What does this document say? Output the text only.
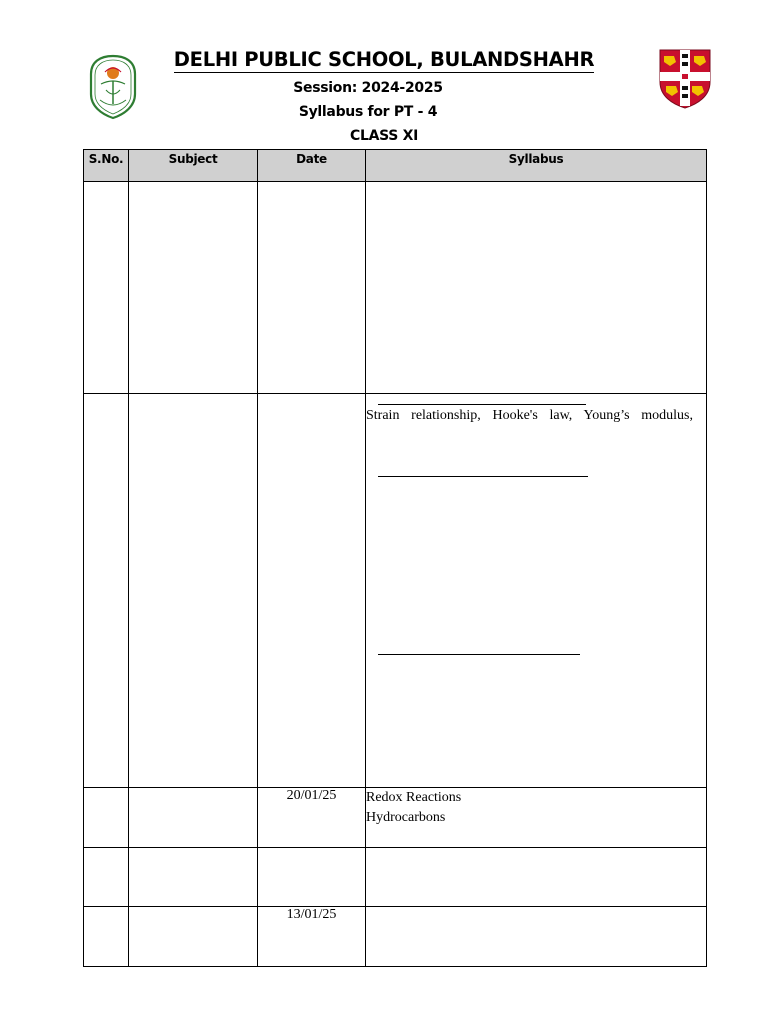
DELHI PUBLIC SCHOOL, BULANDSHAHR
Session: 2024-2025
Syllabus for PT - 4
CLASS XI
S.No.	Subject	Date	Syllabus

			Strain relationship, Hooke's law, Young’s modulus,

		20/01/25	Redox Reactions
Hydrocarbons

		13/01/25	
